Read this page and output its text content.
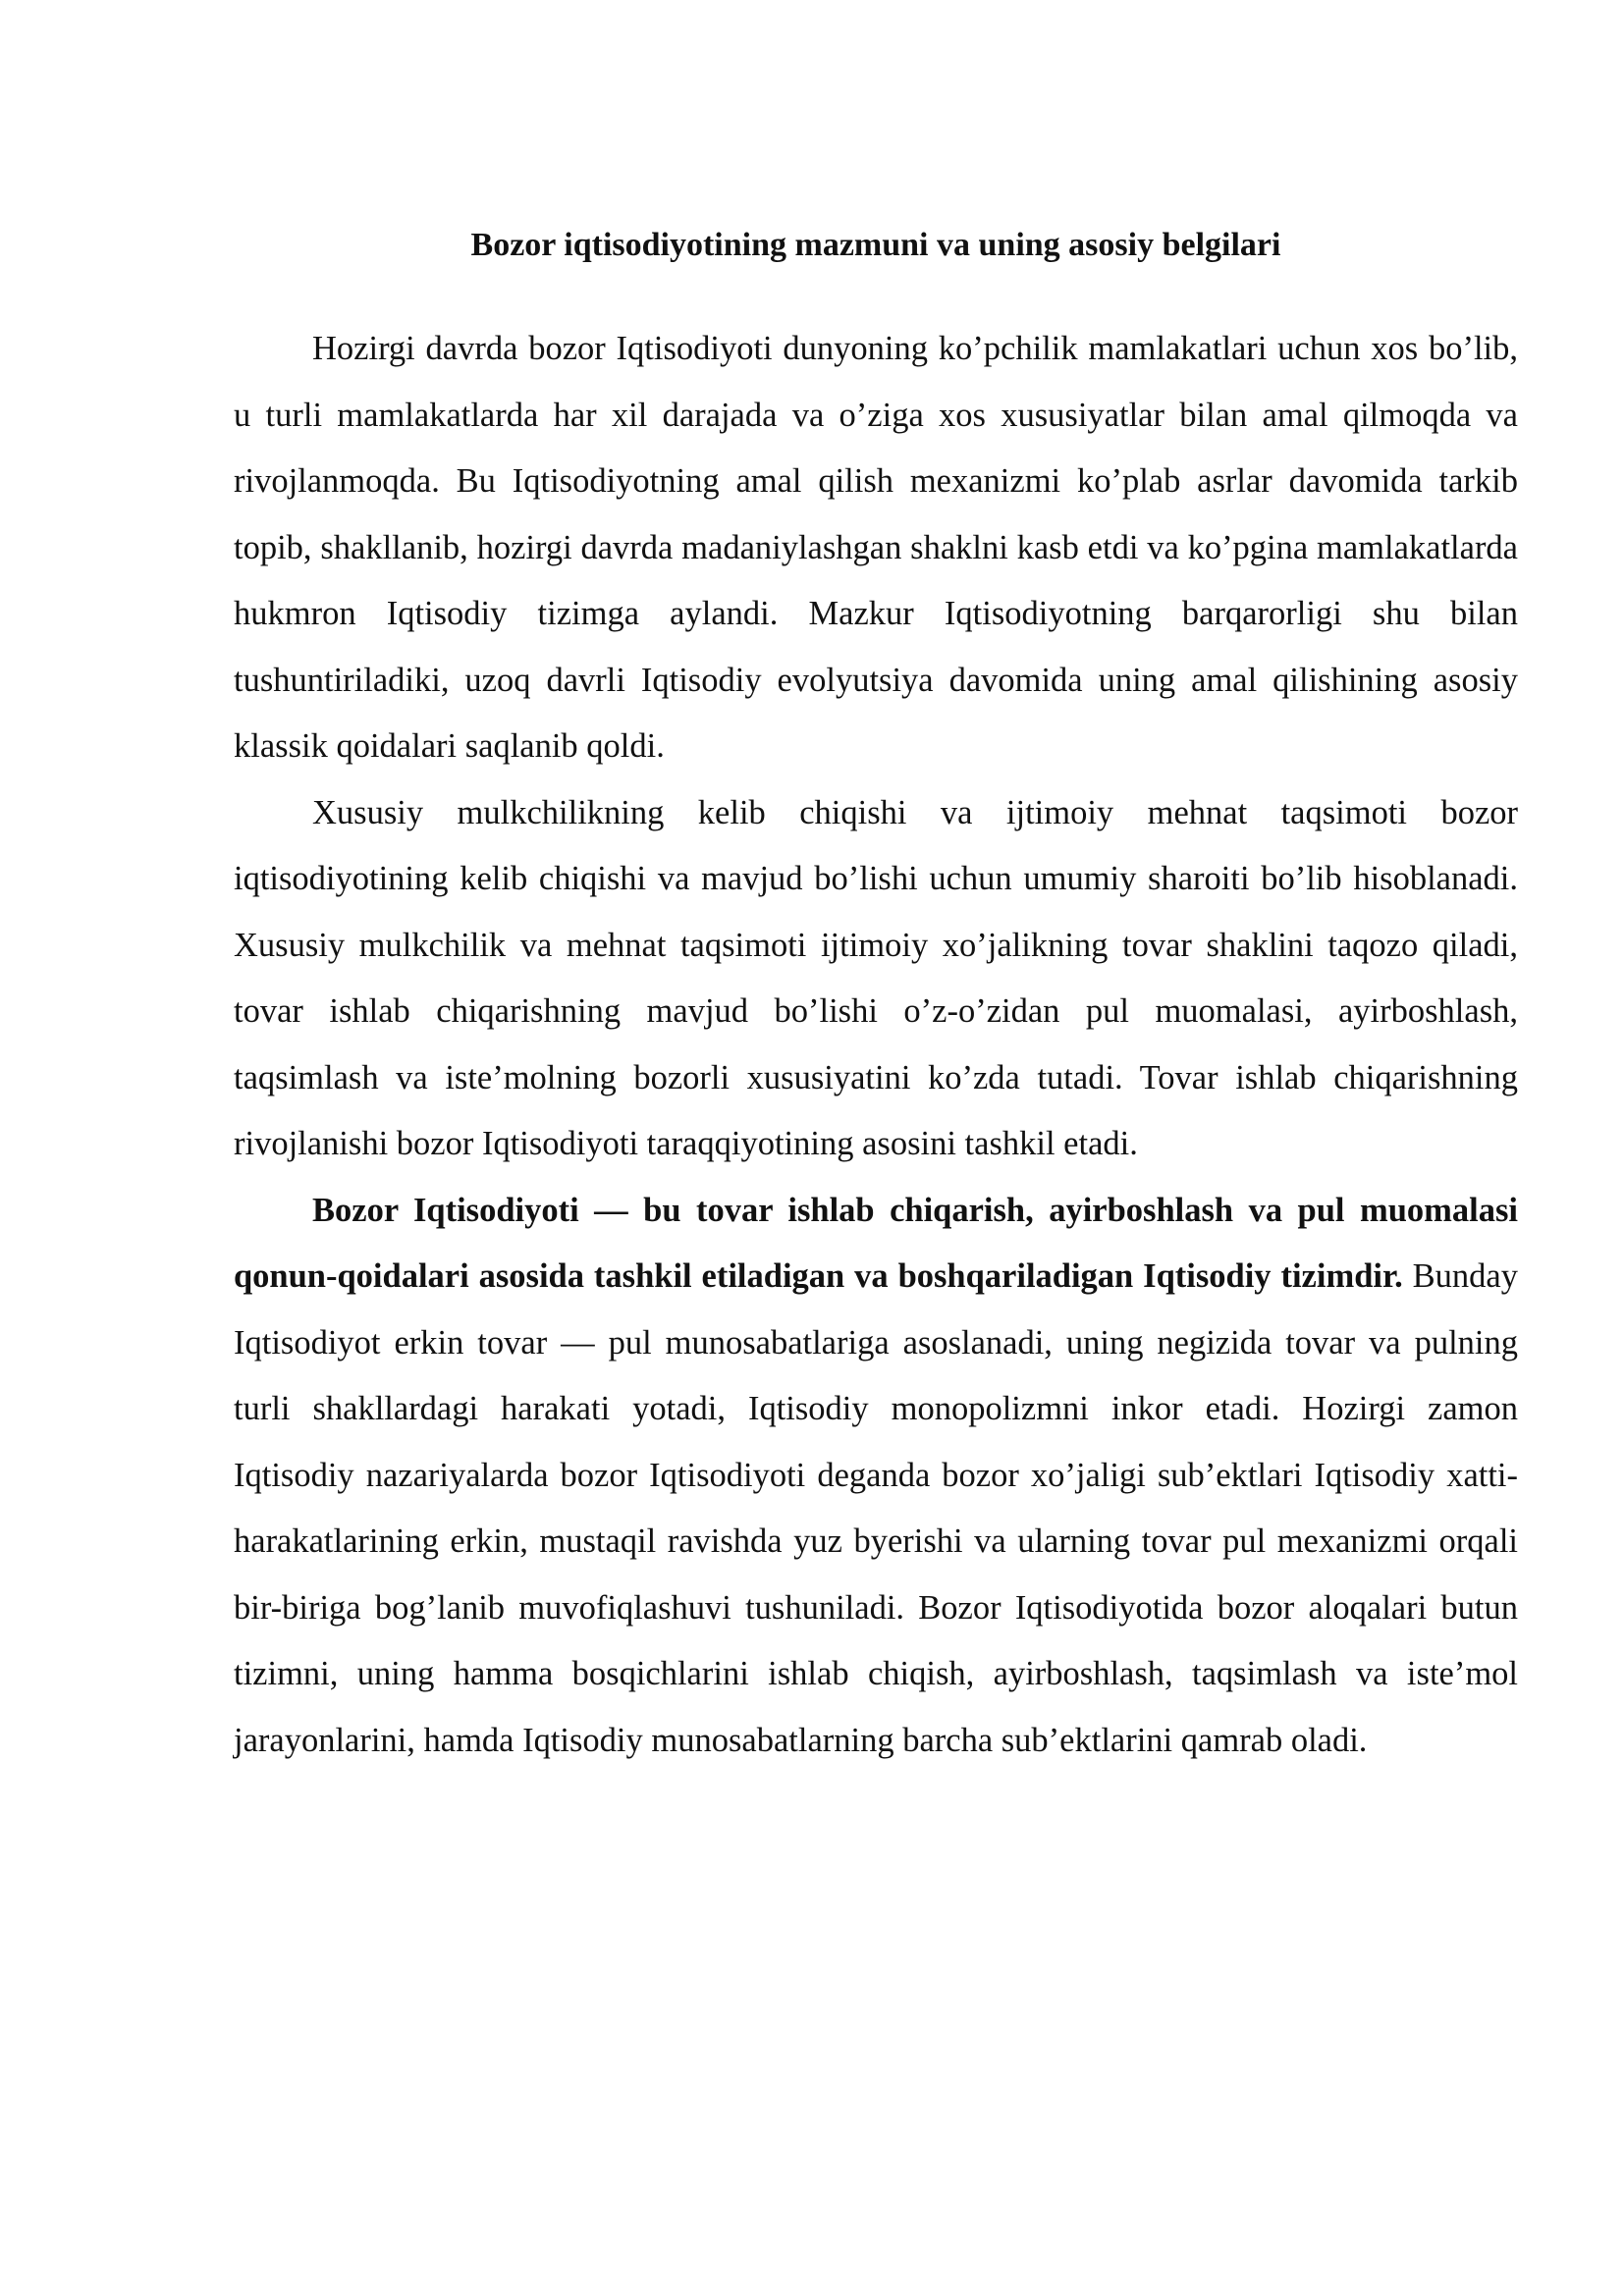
Bozor iqtisodiyotining mazmuni va uning asosiy belgilari

Hozirgi davrda bozor Iqtisodiyoti dunyoning ko’pchilik mamlakatlari uchun xos bo’lib, u turli mamlakatlarda har xil darajada va o’ziga xos xususiyatlar bilan amal qilmoqda va rivojlanmoqda. Bu Iqtisodiyotning amal qilish mexanizmi ko’plab asrlar davomida tarkib topib, shakllanib, hozirgi davrda madaniylashgan shaklni kasb etdi va ko’pgina mamlakatlarda hukmron Iqtisodiy tizimga aylandi. Mazkur Iqtisodiyotning barqarorligi shu bilan tushuntiriladiki, uzoq davrli Iqtisodiy evolyutsiya davomida uning amal qilishining asosiy klassik qoidalari saqlanib qoldi.

Xususiy mulkchilikning kelib chiqishi va ijtimoiy mehnat taqsimoti bozor iqtisodiyotining kelib chiqishi va mavjud bo’lishi uchun umumiy sharoiti bo’lib hisoblanadi. Xususiy mulkchilik va mehnat taqsimoti ijtimoiy xo’jalikning tovar shaklini taqozo qiladi, tovar ishlab chiqarishning mavjud bo’lishi o’z-o’zidan pul muomalasi, ayirboshlash, taqsimlash va iste’molning bozorli xususiyatini ko’zda tutadi. Tovar ishlab chiqarishning rivojlanishi bozor Iqtisodiyoti taraqqiyotining asosini tashkil etadi.

Bozor Iqtisodiyoti — bu tovar ishlab chiqarish, ayirboshlash va pul muomalasi qonun-qoidalari asosida tashkil etiladigan va boshqariladigan Iqtisodiy tizimdir. Bunday Iqtisodiyot erkin tovar — pul munosabatlariga asoslanadi, uning negizida tovar va pulning turli shakllardagi harakati yotadi, Iqtisodiy monopolizmni inkor etadi. Hozirgi zamon Iqtisodiy nazariyalarda bozor Iqtisodiyoti deganda bozor xo’jaligi sub’ektlari Iqtisodiy xatti-harakatlarining erkin, mustaqil ravishda yuz byerishi va ularning tovar pul mexanizmi orqali bir-biriga bog’lanib muvofiqlashuvi tushuniladi. Bozor Iqtisodiyotida bozor aloqalari butun tizimni, uning hamma bosqichlarini ishlab chiqish, ayirboshlash, taqsimlash va iste’mol jarayonlarini, hamda Iqtisodiy munosabatlarning barcha sub’ektlarini qamrab oladi.
